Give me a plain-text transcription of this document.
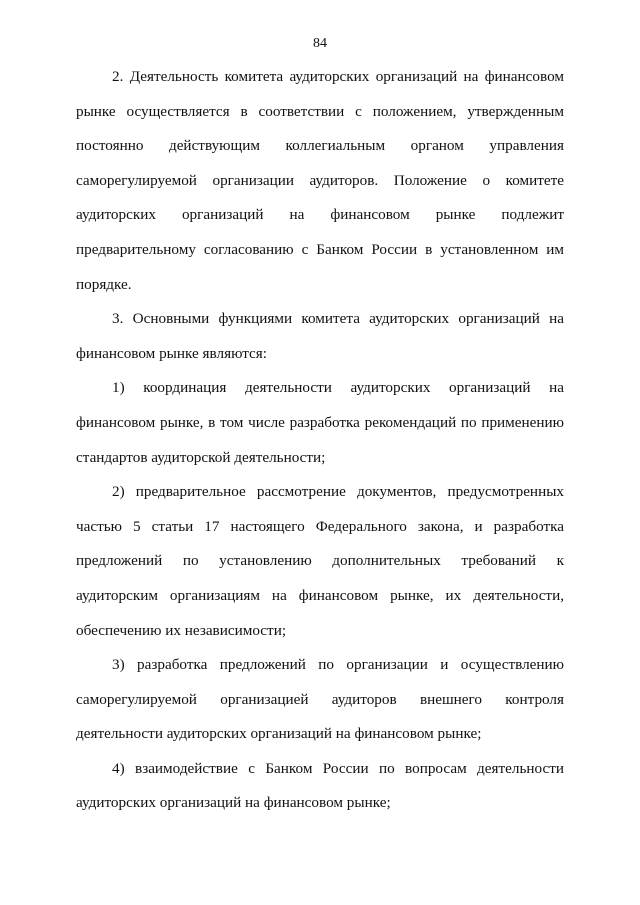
84
2. Деятельность комитета аудиторских организаций на финансовом
рынке осуществляется в соответствии с положением, утвержденным
постоянно действующим коллегиальным органом управления
саморегулируемой организации аудиторов. Положение о комитете
аудиторских организаций на финансовом рынке подлежит
предварительному согласованию с Банком России в установленном им
порядке.
3. Основными функциями комитета аудиторских организаций на
финансовом рынке являются:
1) координация деятельности аудиторских организаций на
финансовом рынке, в том числе разработка рекомендаций по применению
стандартов аудиторской деятельности;
2) предварительное рассмотрение документов, предусмотренных
частью 5 статьи 17 настоящего Федерального закона, и разработка
предложений по установлению дополнительных требований к
аудиторским организациям на финансовом рынке, их деятельности,
обеспечению их независимости;
3) разработка предложений по организации и осуществлению
саморегулируемой организацией аудиторов внешнего контроля
деятельности аудиторских организаций на финансовом рынке;
4) взаимодействие с Банком России по вопросам деятельности
аудиторских организаций на финансовом рынке;
